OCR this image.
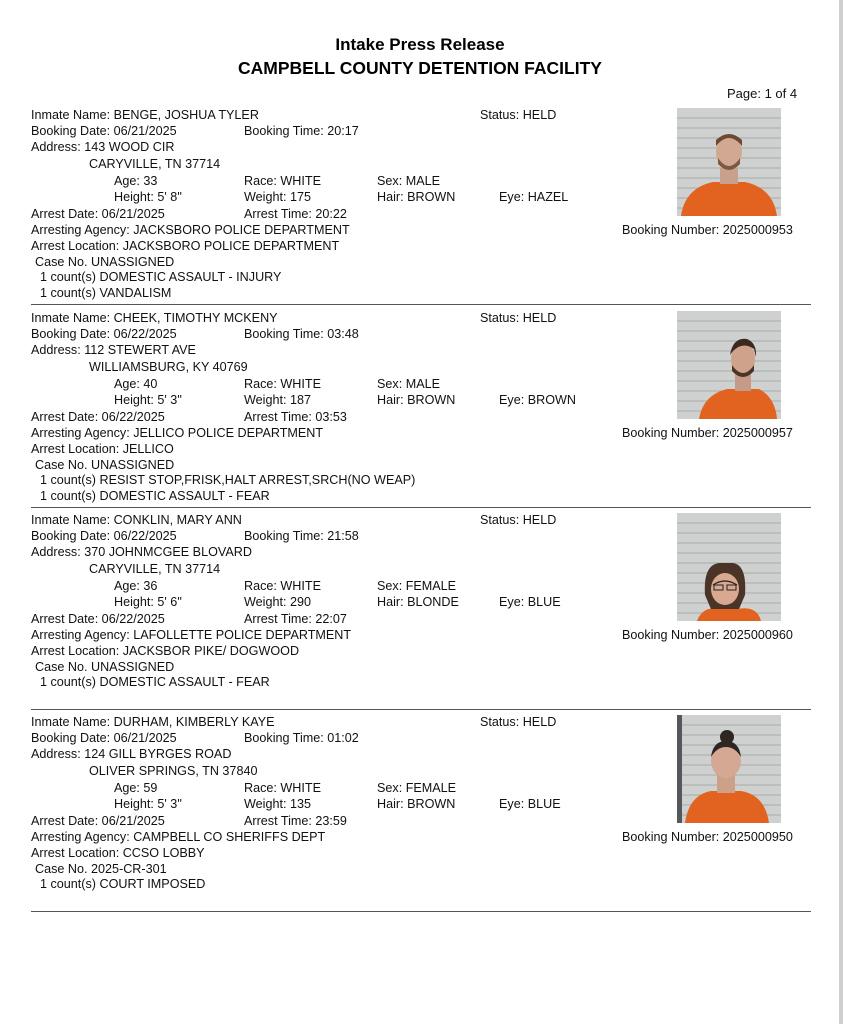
Intake Press Release
CAMPBELL COUNTY DETENTION FACILITY
Page: 1 of 4
Inmate Name: BENGE, JOSHUA TYLER	Status: HELD
Booking Date: 06/21/2025	Booking Time: 20:17
Address: 143 WOOD CIR
CARYVILLE, TN 37714
Age: 33	Race: WHITE	Sex: MALE
Height: 5' 8"	Weight: 175	Hair: BROWN	Eye: HAZEL
Arrest Date: 06/21/2025	Arrest Time: 20:22
Arresting Agency: JACKSBORO POLICE DEPARTMENT	Booking Number: 2025000953
Arrest Location: JACKSBORO POLICE DEPARTMENT
Case No. UNASSIGNED
1 count(s) DOMESTIC ASSAULT - INJURY
1 count(s) VANDALISM
Inmate Name: CHEEK, TIMOTHY MCKENY	Status: HELD
Booking Date: 06/22/2025	Booking Time: 03:48
Address: 112 STEWERT AVE
WILLIAMSBURG, KY 40769
Age: 40	Race: WHITE	Sex: MALE
Height: 5' 3"	Weight: 187	Hair: BROWN	Eye: BROWN
Arrest Date: 06/22/2025	Arrest Time: 03:53
Arresting Agency: JELLICO POLICE DEPARTMENT	Booking Number: 2025000957
Arrest Location: JELLICO
Case No. UNASSIGNED
1 count(s) RESIST STOP,FRISK,HALT ARREST,SRCH(NO WEAP)
1 count(s) DOMESTIC ASSAULT - FEAR
Inmate Name: CONKLIN, MARY ANN	Status: HELD
Booking Date: 06/22/2025	Booking Time: 21:58
Address: 370 JOHNMCGEE BLOVARD
CARYVILLE, TN 37714
Age: 36	Race: WHITE	Sex: FEMALE
Height: 5' 6"	Weight: 290	Hair: BLONDE	Eye: BLUE
Arrest Date: 06/22/2025	Arrest Time: 22:07
Arresting Agency: LAFOLLETTE POLICE DEPARTMENT	Booking Number: 2025000960
Arrest Location: JACKSBOR PIKE/ DOGWOOD
Case No. UNASSIGNED
1 count(s) DOMESTIC ASSAULT - FEAR
Inmate Name: DURHAM, KIMBERLY KAYE	Status: HELD
Booking Date: 06/21/2025	Booking Time: 01:02
Address: 124 GILL BYRGES ROAD
OLIVER SPRINGS, TN 37840
Age: 59	Race: WHITE	Sex: FEMALE
Height: 5' 3"	Weight: 135	Hair: BROWN	Eye: BLUE
Arrest Date: 06/21/2025	Arrest Time: 23:59
Arresting Agency: CAMPBELL CO SHERIFFS DEPT	Booking Number: 2025000950
Arrest Location: CCSO LOBBY
Case No. 2025-CR-301
1 count(s) COURT IMPOSED
